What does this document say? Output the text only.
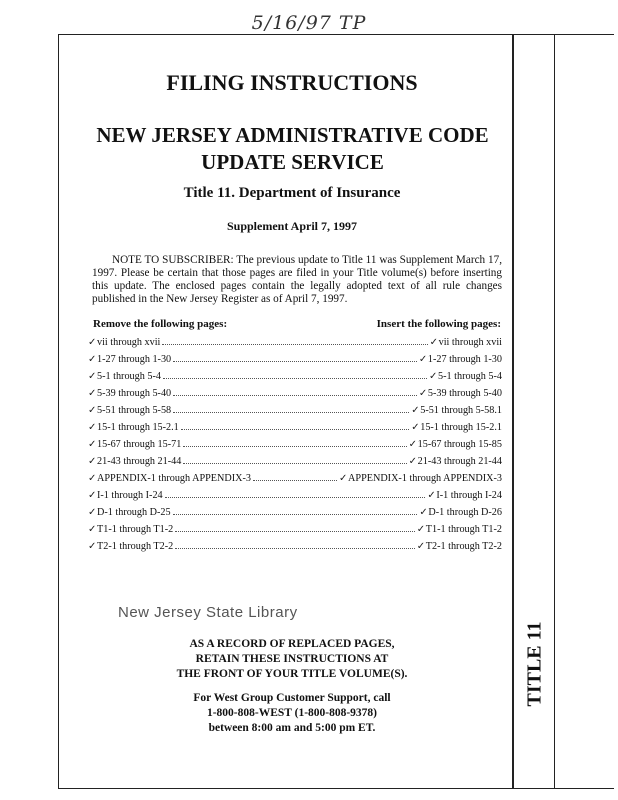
5/16/97 TP
TITLE 11
FILING INSTRUCTIONS
NEW JERSEY ADMINISTRATIVE CODE
UPDATE SERVICE
Title 11. Department of Insurance
Supplement April 7, 1997
NOTE TO SUBSCRIBER: The previous update to Title 11 was Supplement March 17, 1997. Please be certain that those pages are filed in your Title volume(s) before inserting this update. The enclosed pages contain the legally adopted text of all rule changes published in the New Jersey Register as of April 7, 1997.
Remove the following pages:	Insert the following pages:
✓ vii through xvii	✓ vii through xvii
✓ 1-27 through 1-30	✓ 1-27 through 1-30
✓ 5-1 through 5-4	✓ 5-1 through 5-4
✓ 5-39 through 5-40	✓ 5-39 through 5-40
✓ 5-51 through 5-58	✓ 5-51 through 5-58.1
✓ 15-1 through 15-2.1	✓ 15-1 through 15-2.1
✓ 15-67 through 15-71	✓ 15-67 through 15-85
✓ 21-43 through 21-44	✓ 21-43 through 21-44
✓ APPENDIX-1 through APPENDIX-3	✓ APPENDIX-1 through APPENDIX-3
✓ I-1 through I-24	✓ I-1 through I-24
✓ D-1 through D-25	✓ D-1 through D-26
✓ T1-1 through T1-2	✓ T1-1 through T1-2
✓ T2-1 through T2-2	✓ T2-1 through T2-2
New Jersey State Library
AS A RECORD OF REPLACED PAGES,
RETAIN THESE INSTRUCTIONS AT
THE FRONT OF YOUR TITLE VOLUME(S).
For West Group Customer Support, call
1-800-808-WEST (1-800-808-9378)
between 8:00 am and 5:00 pm ET.
